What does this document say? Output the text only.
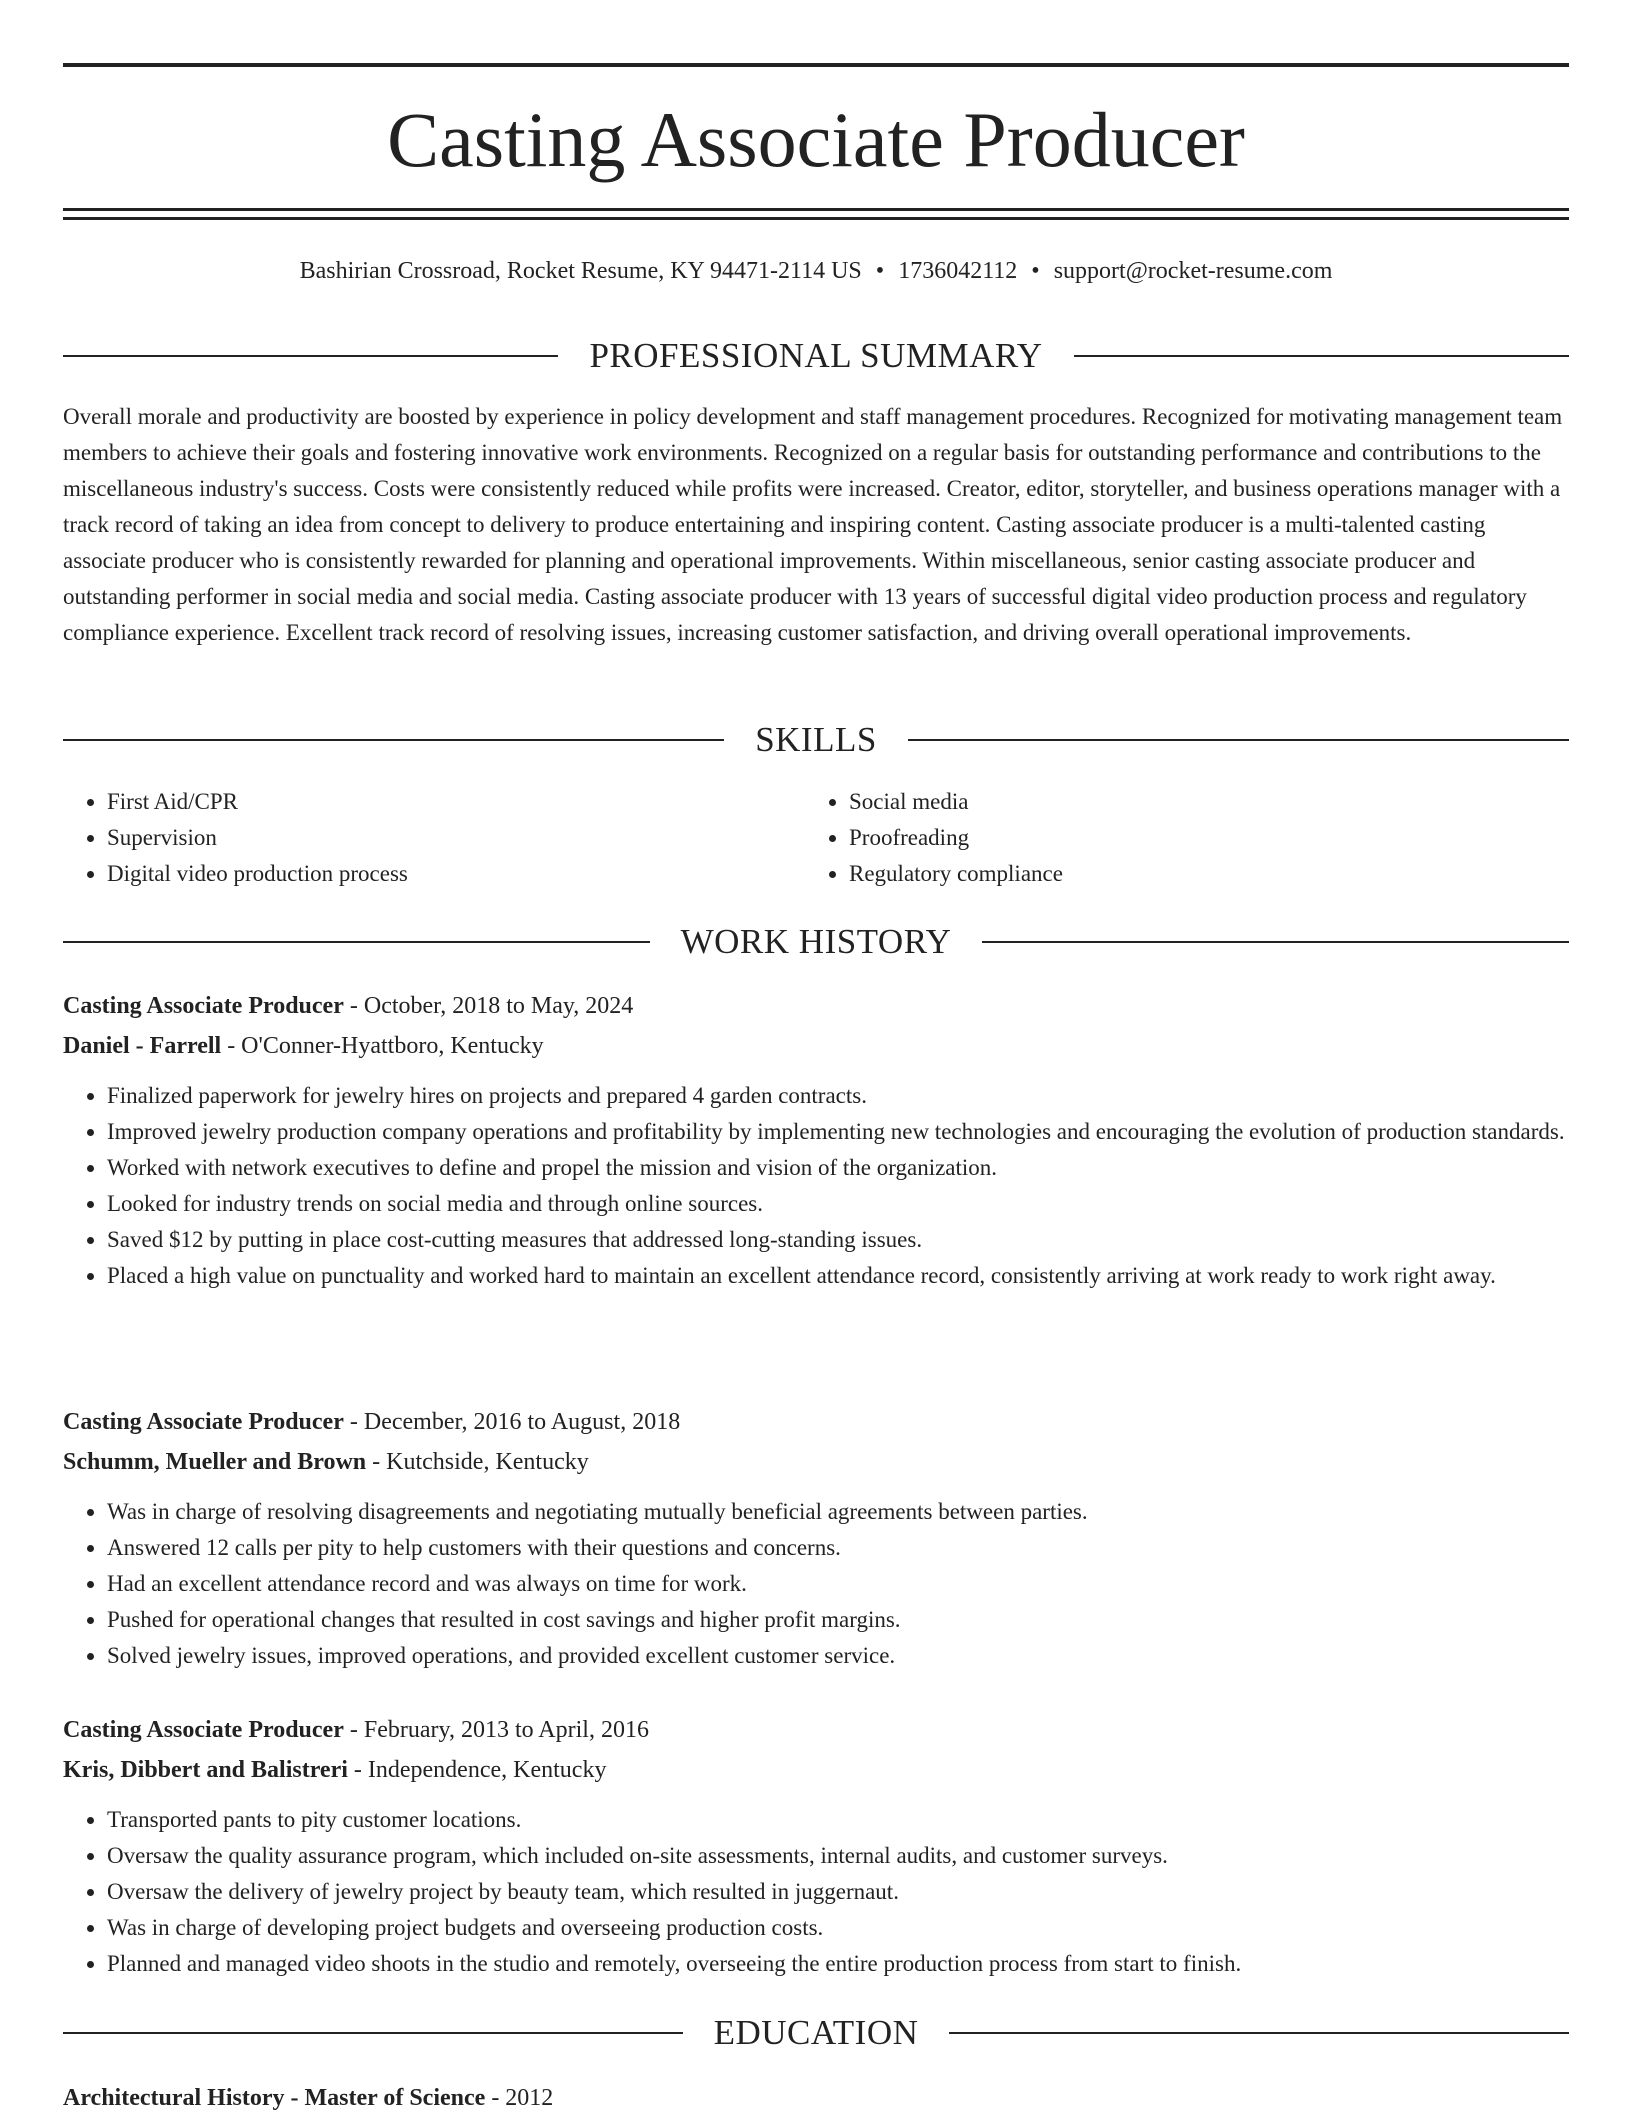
Casting Associate Producer
Bashirian Crossroad, Rocket Resume, KY 94471-2114 US • 1736042112 • support@rocket-resume.com
PROFESSIONAL SUMMARY

Overall morale and productivity are boosted by experience in policy development and staff management procedures. Recognized for motivating management team members to achieve their goals and fostering innovative work environments. Recognized on a regular basis for outstanding performance and contributions to the miscellaneous industry's success. Costs were consistently reduced while profits were increased. Creator, editor, storyteller, and business operations manager with a track record of taking an idea from concept to delivery to produce entertaining and inspiring content. Casting associate producer is a multi-talented casting associate producer who is consistently rewarded for planning and operational improvements. Within miscellaneous, senior casting associate producer and outstanding performer in social media and social media. Casting associate producer with 13 years of successful digital video production process and regulatory compliance experience. Excellent track record of resolving issues, increasing customer satisfaction, and driving overall operational improvements.

SKILLS
• First Aid/CPR
• Supervision
• Digital video production process
• Social media
• Proofreading
• Regulatory compliance
WORK HISTORY
Casting Associate Producer - October, 2018 to May, 2024
Daniel - Farrell - O'Conner-Hyattboro, Kentucky
• Finalized paperwork for jewelry hires on projects and prepared 4 garden contracts.
• Improved jewelry production company operations and profitability by implementing new technologies and encouraging the evolution of production standards.
• Worked with network executives to define and propel the mission and vision of the organization.
• Looked for industry trends on social media and through online sources.
• Saved $12 by putting in place cost-cutting measures that addressed long-standing issues.
• Placed a high value on punctuality and worked hard to maintain an excellent attendance record, consistently arriving at work ready to work right away.
Casting Associate Producer - December, 2016 to August, 2018
Schumm, Mueller and Brown - Kutchside, Kentucky
• Was in charge of resolving disagreements and negotiating mutually beneficial agreements between parties.
• Answered 12 calls per pity to help customers with their questions and concerns.
• Had an excellent attendance record and was always on time for work.
• Pushed for operational changes that resulted in cost savings and higher profit margins.
• Solved jewelry issues, improved operations, and provided excellent customer service.
Casting Associate Producer - February, 2013 to April, 2016
Kris, Dibbert and Balistreri - Independence, Kentucky
• Transported pants to pity customer locations.
• Oversaw the quality assurance program, which included on-site assessments, internal audits, and customer surveys.
• Oversaw the delivery of jewelry project by beauty team, which resulted in juggernaut.
• Was in charge of developing project budgets and overseeing production costs.
• Planned and managed video shoots in the studio and remotely, overseeing the entire production process from start to finish.
EDUCATION
Architectural History - Master of Science - 2012
